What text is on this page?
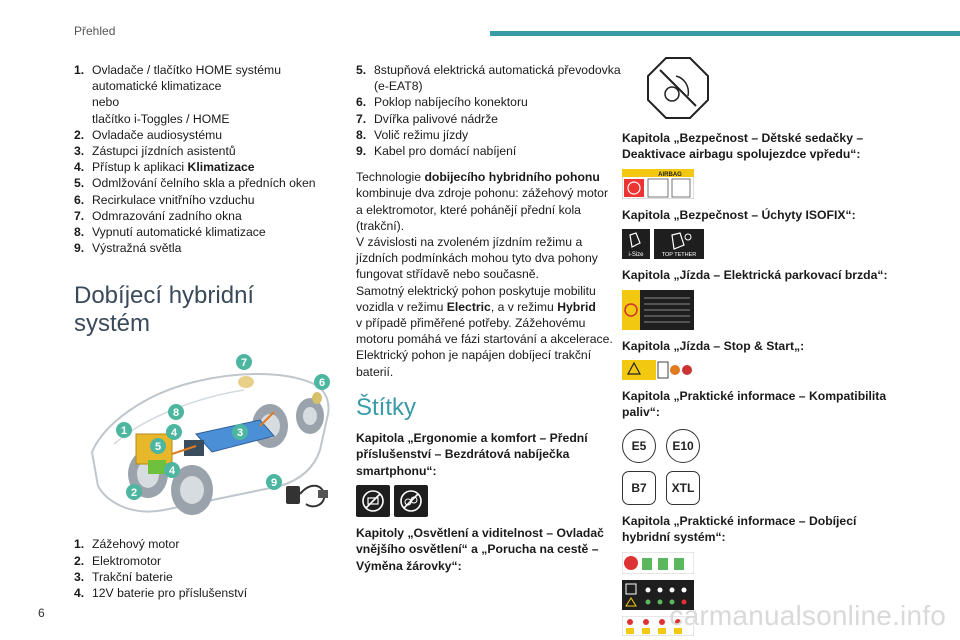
Přehled
1. Ovladače / tlačítko HOME systému
automatické klimatizace
nebo
tlačítko i-Toggles / HOME
2. Ovladače audiosystému
3. Zástupci jízdních asistentů
4. Přístup k aplikaci Klimatizace
5. Odmlžování čelního skla a předních oken
6. Recirkulace vnitřního vzduchu
7. Odmrazování zadního okna
8. Vypnutí automatické klimatizace
9. Výstražná světla
Dobíjecí hybridní systém
1
2
3
4
4
5
6
7
8
9
1. Zážehový motor
2. Elektromotor
3. Trakční baterie
4. 12V baterie pro příslušenství
5. 8stupňová elektrická automatická převodovka
(e-EAT8)
6. Poklop nabíjecího konektoru
7. Dvířka palivové nádrže
8. Volič režimu jízdy
9. Kabel pro domácí nabíjení
Technologie dobijecího hybridního pohonu
kombinuje dva zdroje pohonu: zážehový motor
a elektromotor, které pohánějí přední kola
(trakční).
V závislosti na zvoleném jízdním režimu a
jízdních podmínkách mohou tyto dva pohony
fungovat střídavě nebo současně.
Samotný elektrický pohon poskytuje mobilitu
vozidla v režimu Electric, a v režimu Hybrid
v případě přiměřené potřeby. Zážehovému
motoru pomáhá ve fázi startování a akcelerace.
Elektrický pohon je napájen dobíjecí trakční
baterií.
Štítky
Kapitola „Ergonomie a komfort – Přední
příslušenství – Bezdrátová nabíječka
smartphonu“:
Kapitoly „Osvětlení a viditelnost – Ovladač
vnějšího osvětlení“ a „Porucha na cestě –
Výměna žárovky“:
Kapitola „Bezpečnost – Dětské sedačky –
Deaktivace airbagu spolujezdce vpředu“:
AIRBAG
Kapitola „Bezpečnost – Úchyty ISOFIX“:
i-Size	TOP TETHER
Kapitola „Jízda – Elektrická parkovací brzda“:
Kapitola „Jízda – Stop & Start„:
Kapitola „Praktické informace – Kompatibilita
paliv“:
E5	E10
B7	XTL
Kapitola „Praktické informace – Dobíjecí
hybridní systém“:
6	carmanualsonline.info
